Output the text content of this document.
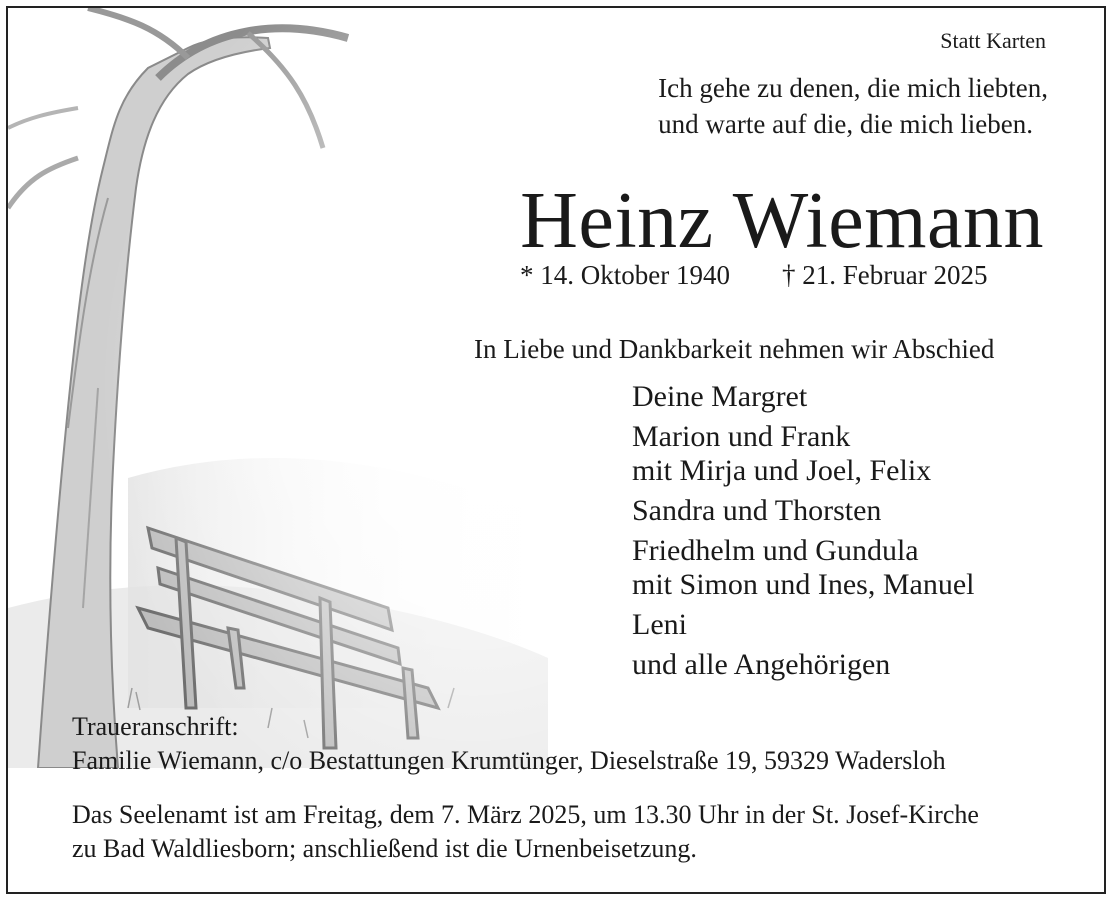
Statt Karten
Ich gehe zu denen, die mich liebten,
und warte auf die, die mich lieben.
Heinz Wiemann
* 14. Oktober 1940 † 21. Februar 2025
In Liebe und Dankbarkeit nehmen wir Abschied
Deine Margret
Marion und Frank
mit Mirja und Joel, Felix
Sandra und Thorsten
Friedhelm und Gundula
mit Simon und Ines, Manuel
Leni
und alle Angehörigen
Traueranschrift:
Familie Wiemann, c/o Bestattungen Krumtünger, Dieselstraße 19, 59329 Wadersloh
Das Seelenamt ist am Freitag, dem 7. März 2025, um 13.30 Uhr in der St. Josef-Kirche
zu Bad Waldliesborn; anschließend ist die Urnenbeisetzung.
